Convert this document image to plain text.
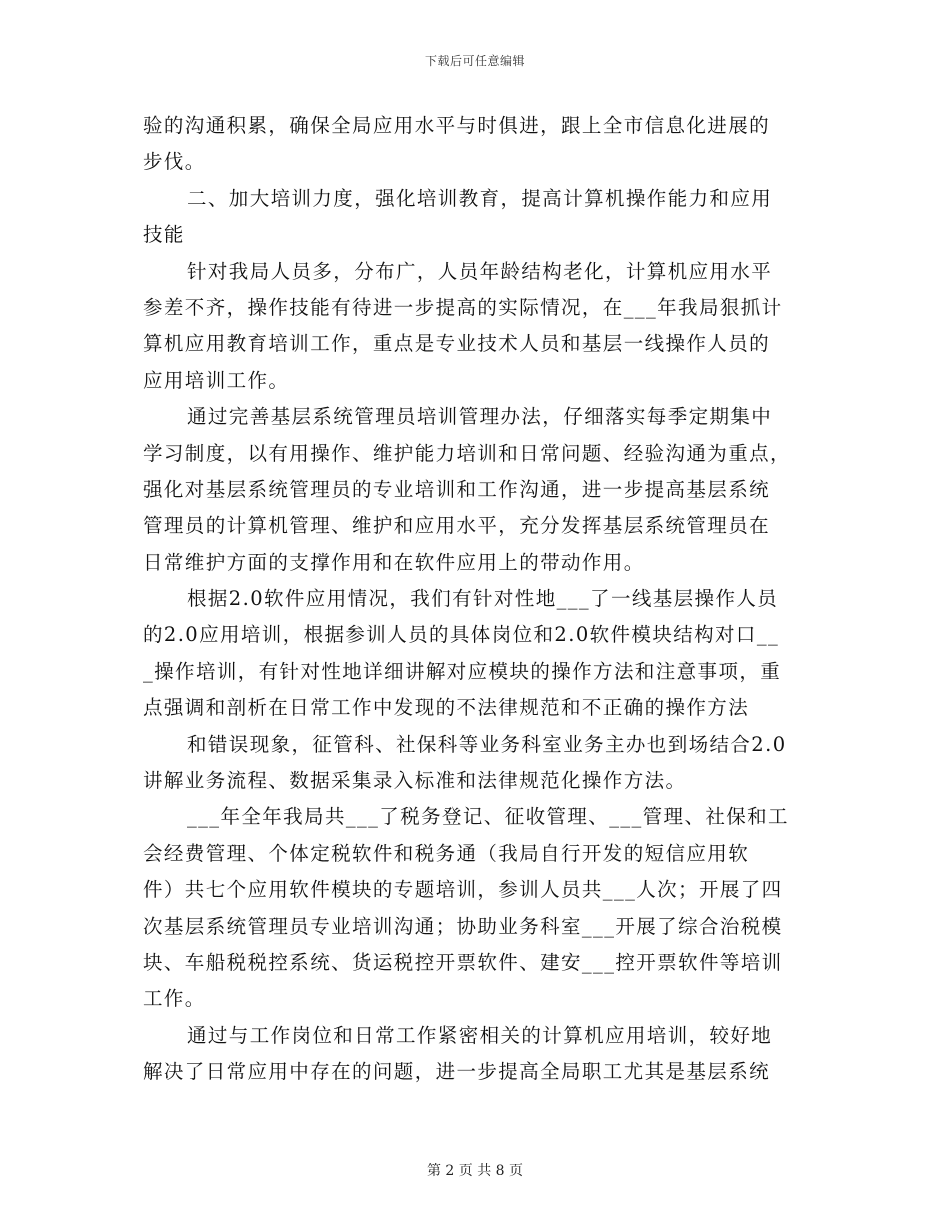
下载后可任意编辑
验的沟通积累，确保全局应用水平与时俱进，跟上全市信息化进展的
步伐。
二、加大培训力度，强化培训教育，提高计算机操作能力和应用
技能
针对我局人员多，分布广，人员年龄结构老化，计算机应用水平
参差不齐，操作技能有待进一步提高的实际情况，在___年我局狠抓计
算机应用教育培训工作，重点是专业技术人员和基层一线操作人员的
应用培训工作。
通过完善基层系统管理员培训管理办法，仔细落实每季定期集中
学习制度，以有用操作、维护能力培训和日常问题、经验沟通为重点，
强化对基层系统管理员的专业培训和工作沟通，进一步提高基层系统
管理员的计算机管理、维护和应用水平，充分发挥基层系统管理员在
日常维护方面的支撑作用和在软件应用上的带动作用。
根据2.0软件应用情况，我们有针对性地___了一线基层操作人员
的2.0应用培训，根据参训人员的具体岗位和2.0软件模块结构对口__
_操作培训，有针对性地详细讲解对应模块的操作方法和注意事项，重
点强调和剖析在日常工作中发现的不法律规范和不正确的操作方法
和错误现象，征管科、社保科等业务科室业务主办也到场结合2.0
讲解业务流程、数据采集录入标准和法律规范化操作方法。
___年全年我局共___了税务登记、征收管理、___管理、社保和工
会经费管理、个体定税软件和税务通（我局自行开发的短信应用软
件）共七个应用软件模块的专题培训，参训人员共___人次；开展了四
次基层系统管理员专业培训沟通；协助业务科室___开展了综合治税模
块、车船税税控系统、货运税控开票软件、建安___控开票软件等培训
工作。
通过与工作岗位和日常工作紧密相关的计算机应用培训，较好地
解决了日常应用中存在的问题，进一步提高全局职工尤其是基层系统
第 2 页 共 8 页
